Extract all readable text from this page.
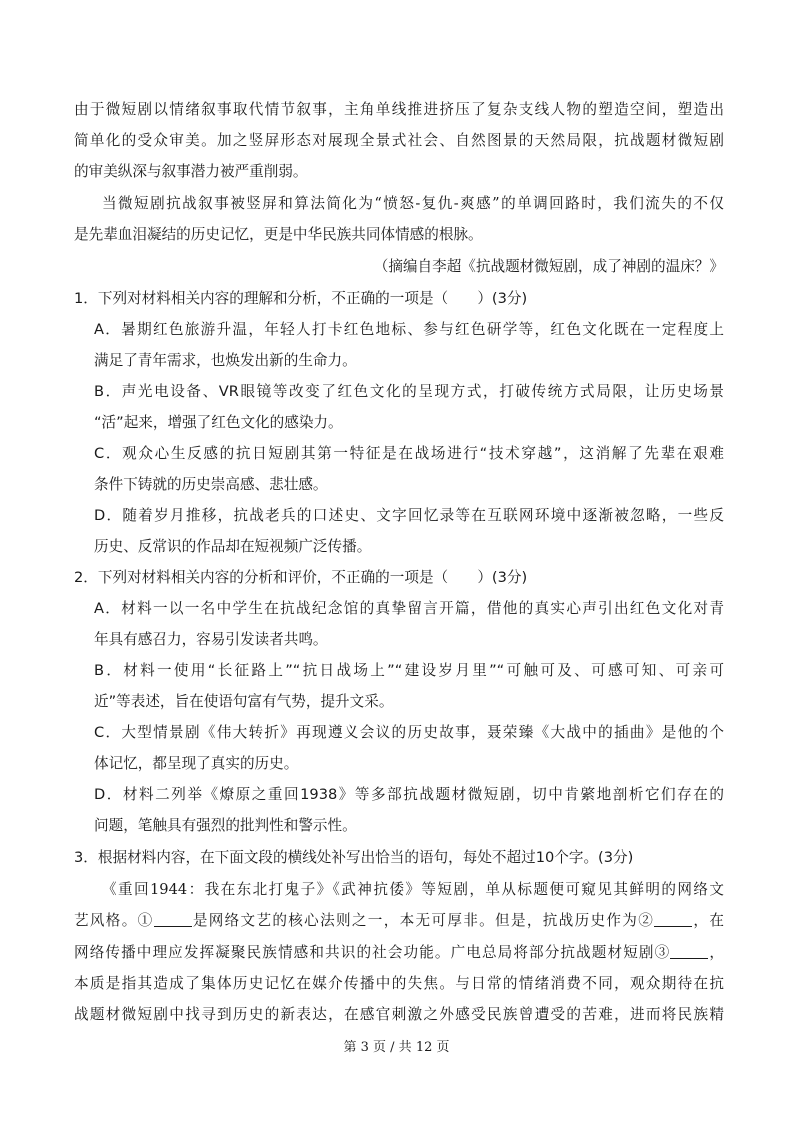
由于微短剧以情绪叙事取代情节叙事，主角单线推进挤压了复杂支线人物的塑造空间，塑造出
简单化的受众审美。加之竖屏形态对展现全景式社会、自然图景的天然局限，抗战题材微短剧
的审美纵深与叙事潜力被严重削弱。
当微短剧抗战叙事被竖屏和算法简化为“愤怒-复仇-爽感”的单调回路时，我们流失的不仅
是先辈血泪凝结的历史记忆，更是中华民族共同体情感的根脉。
（摘编自李超《抗战题材微短剧，成了神剧的温床？》
1．下列对材料相关内容的理解和分析，不正确的一项是（　　）(3分)
A．暑期红色旅游升温，年轻人打卡红色地标、参与红色研学等，红色文化既在一定程度上
满足了青年需求，也焕发出新的生命力。
B．声光电设备、VR眼镜等改变了红色文化的呈现方式，打破传统方式局限，让历史场景
“活”起来，增强了红色文化的感染力。
C．观众心生反感的抗日短剧其第一特征是在战场进行“技术穿越”，这消解了先辈在艰难
条件下铸就的历史崇高感、悲壮感。
D．随着岁月推移，抗战老兵的口述史、文字回忆录等在互联网环境中逐渐被忽略，一些反
历史、反常识的作品却在短视频广泛传播。
2．下列对材料相关内容的分析和评价，不正确的一项是（　　）(3分)
A．材料一以一名中学生在抗战纪念馆的真挚留言开篇，借他的真实心声引出红色文化对青
年具有感召力，容易引发读者共鸣。
B．材料一使用“长征路上”“抗日战场上”“建设岁月里”“可触可及、可感可知、可亲可
近”等表述，旨在使语句富有气势，提升文采。
C．大型情景剧《伟大转折》再现遵义会议的历史故事，聂荣臻《大战中的插曲》是他的个
体记忆，都呈现了真实的历史。
D．材料二列举《燎原之重回1938》等多部抗战题材微短剧，切中肯綮地剖析它们存在的
问题，笔触具有强烈的批判性和警示性。
3．根据材料内容，在下面文段的横线处补写出恰当的语句，每处不超过10个字。(3分)
《重回1944：我在东北打鬼子》《武神抗倭》等短剧，单从标题便可窥见其鲜明的网络文
艺风格。①	是网络文艺的核心法则之一，本无可厚非。但是，抗战历史作为②	，在
网络传播中理应发挥凝聚民族情感和共识的社会功能。广电总局将部分抗战题材短剧③	，
本质是指其造成了集体历史记忆在媒介传播中的失焦。与日常的情绪消费不同，观众期待在抗
战题材微短剧中找寻到历史的新表达，在感官刺激之外感受民族曾遭受的苦难，进而将民族精
第 3 页 / 共 12 页
